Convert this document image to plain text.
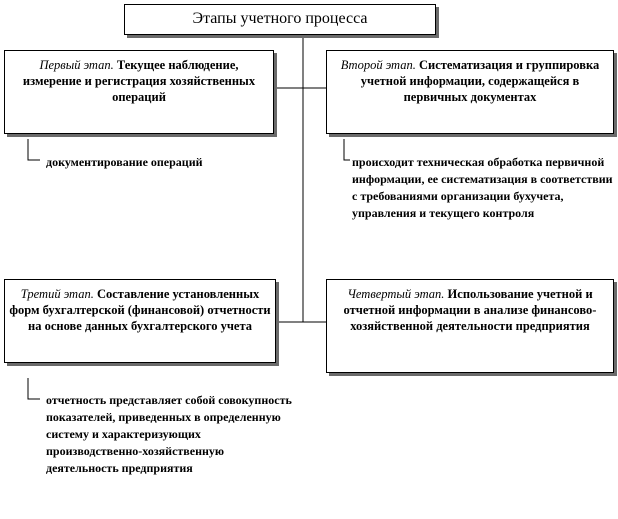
Этапы учетного процесса
Первый этап. Текущее наблюдение, измерение и регистрация хозяйственных операций
Второй этап. Систематизация и группировка учетной информации, содержащейся в первичных документах
Третий этап. Составление установленных форм бухгалтерской (финансовой) отчетности на основе данных бухгалтерского учета
Четвертый этап. Использование учетной и отчетной информации в анализе финансово-хозяйственной деятельности предприятия
документирование операций	происходит техническая обработка первичной информации, ее систематизация в соответствии с требованиями организации бухучета, управления и текущего контроля
отчетность представляет собой совокупность показателей, приведенных в определенную систему и характеризующих производственно-хозяйственную деятельность предприятия
